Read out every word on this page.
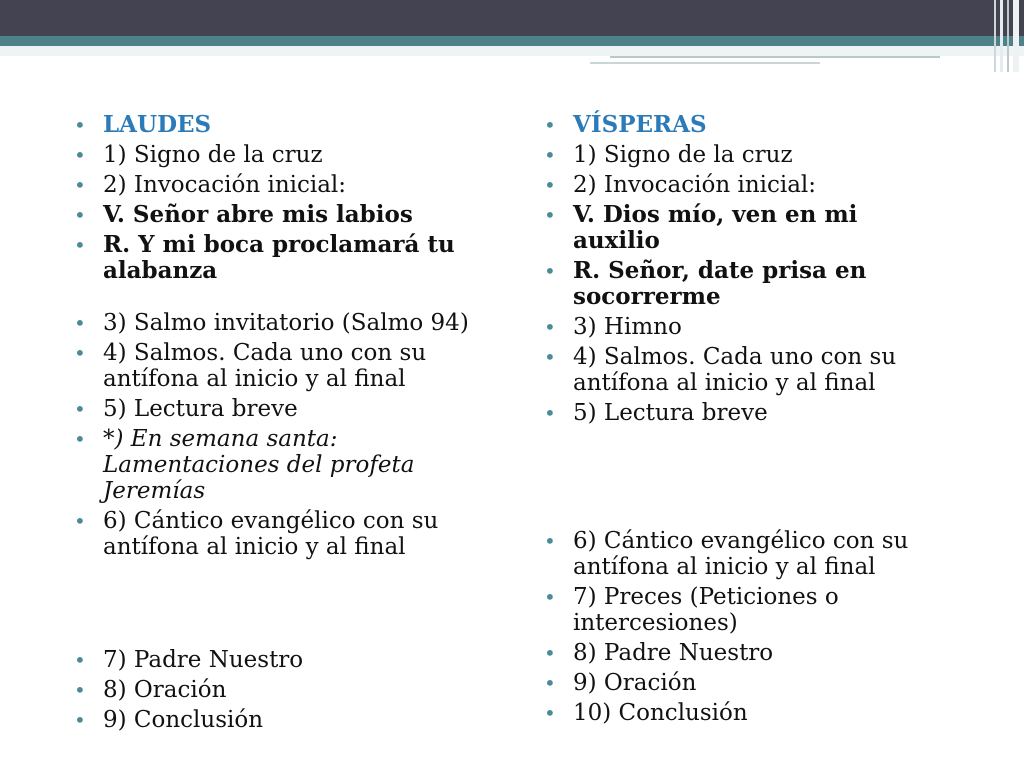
• LAUDES
• 1) Signo de la cruz
• 2) Invocación inicial:
• V. Señor abre mis labios
• R. Y mi boca proclamará tu alabanza
• 3) Salmo invitatorio (Salmo 94)
• 4) Salmos. Cada uno con su antífona al inicio y al final
• 5) Lectura breve
• *) En semana santa: Lamentaciones del profeta Jeremías
• 6) Cántico evangélico con su antífona al inicio y al final
• 7) Padre Nuestro
• 8) Oración
• 9) Conclusión
• VÍSPERAS
• 1) Signo de la cruz
• 2) Invocación inicial:
• V. Dios mío, ven en mi auxilio
• R. Señor, date prisa en socorrerme
• 3) Himno
• 4) Salmos. Cada uno con su antífona al inicio y al final
• 5) Lectura breve
• 6) Cántico evangélico con su antífona al inicio y al final
• 7) Preces (Peticiones o intercesiones)
• 8) Padre Nuestro
• 9) Oración
• 10) Conclusión
